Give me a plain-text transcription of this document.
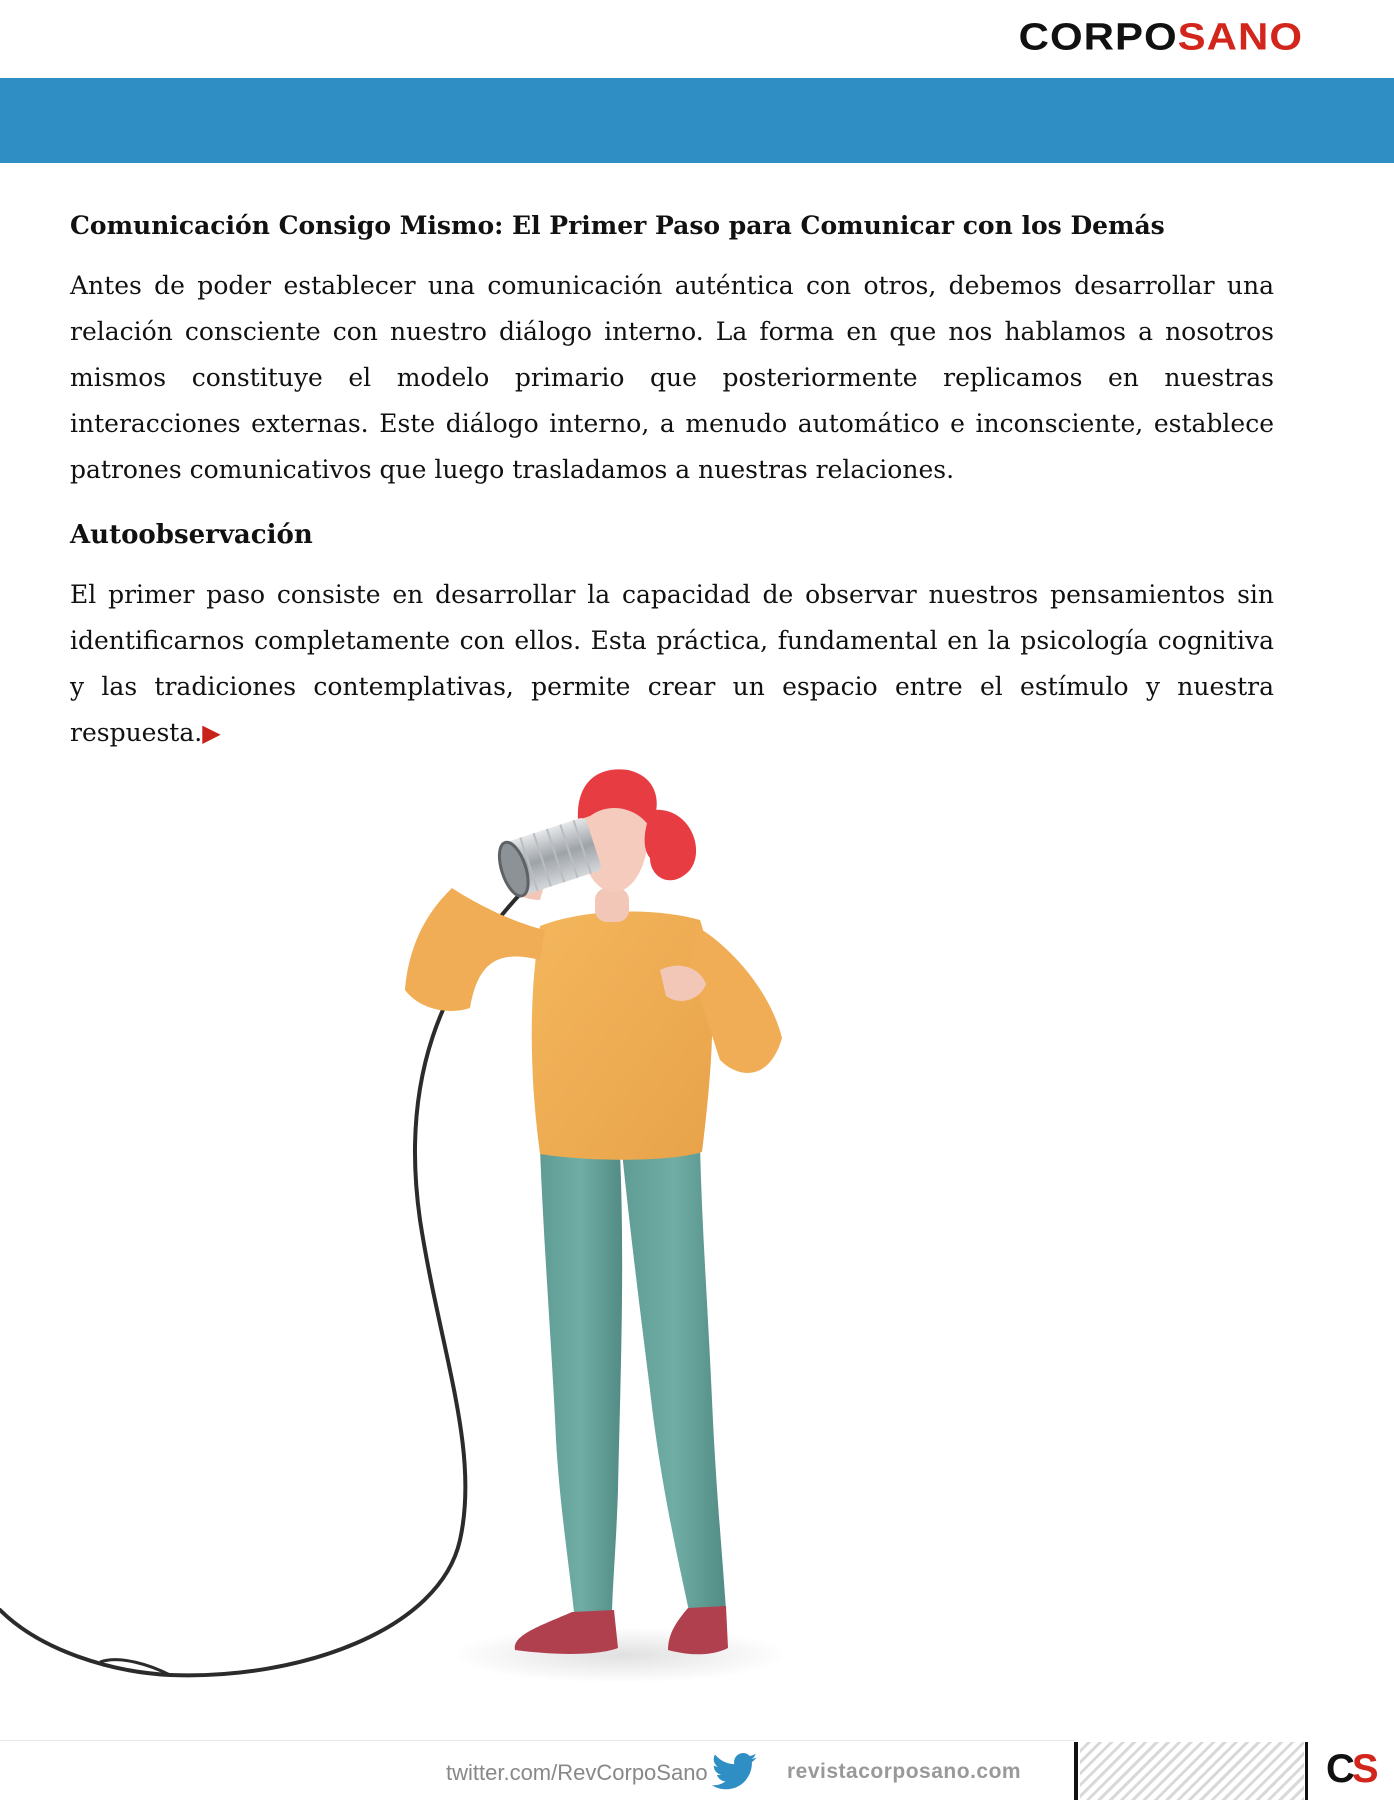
CORPOSANO
Comunicación Consigo Mismo: El Primer Paso para Comunicar con los Demás

Antes de poder establecer una comunicación auténtica con otros, debemos desarrollar una relación consciente con nuestro diálogo interno. La forma en que nos hablamos a nosotros mismos constituye el modelo primario que posteriormente replicamos en nuestras interacciones externas. Este diálogo interno, a menudo automático e inconsciente, establece patrones comunicativos que luego trasladamos a nuestras relaciones.

Autoobservación

El primer paso consiste en desarrollar la capacidad de observar nuestros pensamientos sin identificarnos completamente con ellos. Esta práctica, fundamental en la psicología cognitiva y las tradiciones contemplativas, permite crear un espacio entre el estímulo y nuestra respuesta.▶

twitter.com/RevCorpoSano	revistacorposano.com	CS
